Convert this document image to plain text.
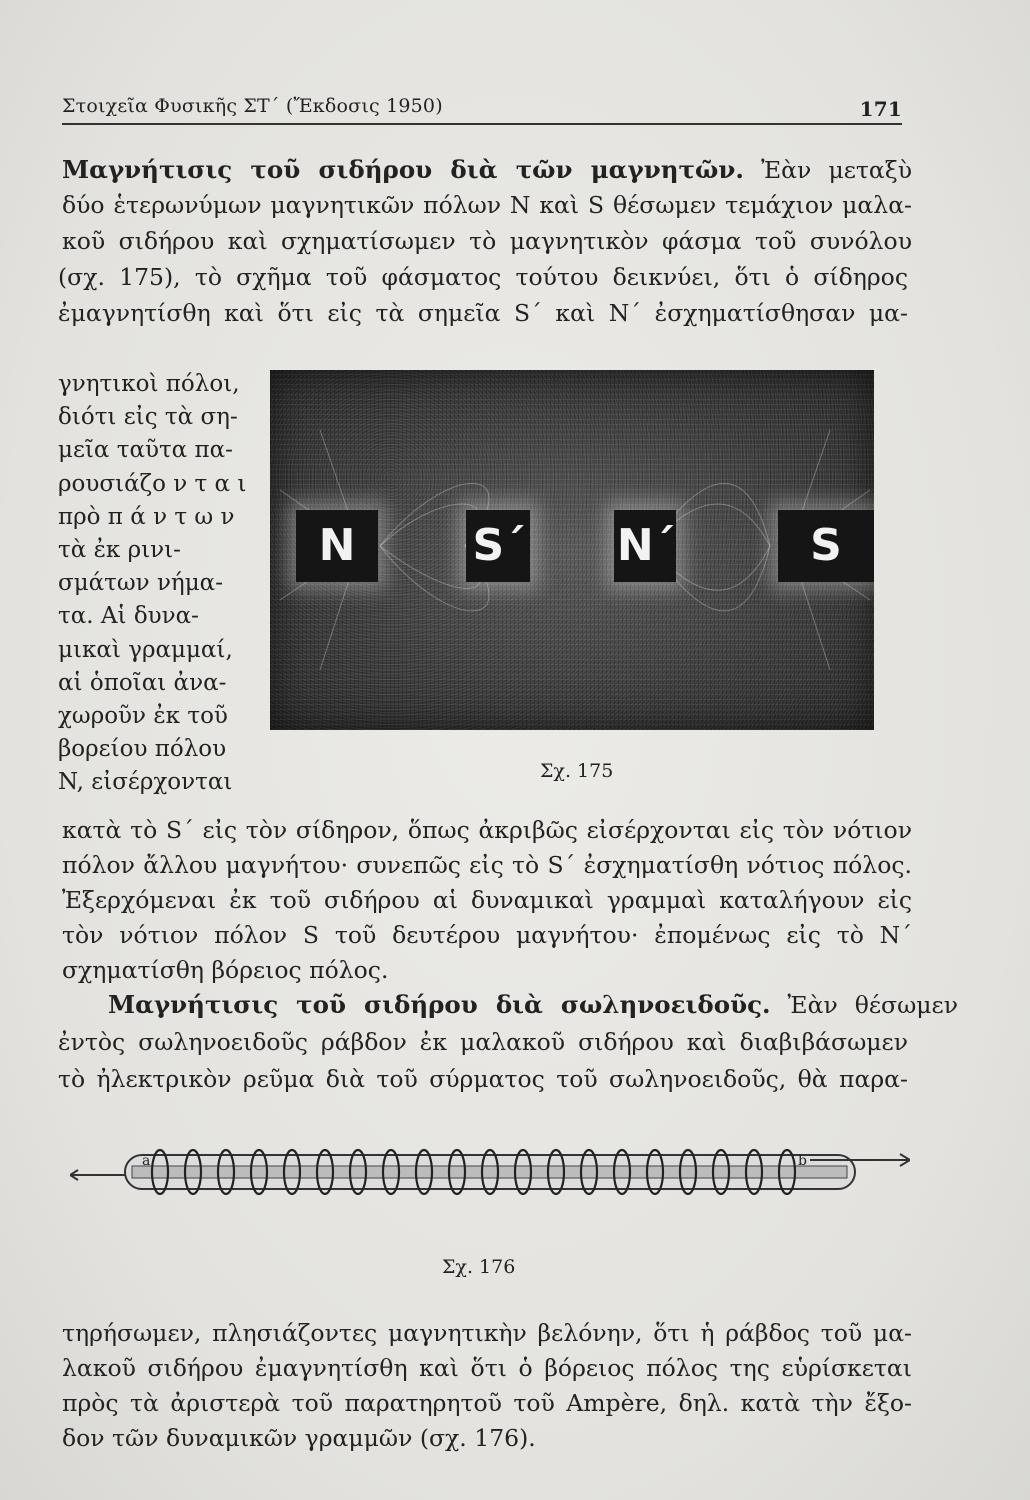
Στοιχεῖα Φυσικῆς ΣΤ΄ (Ἔκδοσις 1950)	171
Μαγνήτισις τοῦ σιδήρου διὰ τῶν μαγνητῶν. Ἐὰν μεταξὺ
δύο ἑτερωνύμων μαγνητικῶν πόλων N καὶ S θέσωμεν τεμάχιον μαλα-
κοῦ σιδήρου καὶ σχηματίσωμεν τὸ μαγνητικὸν φάσμα τοῦ συνόλου
(σχ. 175), τὸ σχῆμα τοῦ φάσματος τούτου δεικνύει, ὅτι ὁ σίδηρος
ἐμαγνητίσθη καὶ ὅτι εἰς τὰ σημεῖα S΄ καὶ N΄ ἐσχηματίσθησαν μα-
γνητικοὶ πόλοι,
διότι εἰς τὰ ση-
μεῖα ταῦτα πα-
ρουσιάζο ν τ α ι
πρὸ π ά ν τ ω ν
τὰ ἐκ ρινι-
σμάτων νήμα-
τα. Αἱ δυνα-
μικαὶ γραμμαί,
αἱ ὁποῖαι ἀνα-
χωροῦν ἐκ τοῦ
βορείου πόλου
N, εἰσέρχονται
N	S΄ N΄	S
Σχ. 175
κατὰ τὸ S΄ εἰς τὸν σίδηρον, ὅπως ἀκριβῶς εἰσέρχονται εἰς τὸν νότιον
πόλον ἄλλου μαγνήτου· συνεπῶς εἰς τὸ S΄ ἐσχηματίσθη νότιος πόλος.
Ἐξερχόμεναι ἐκ τοῦ σιδήρου αἱ δυναμικαὶ γραμμαὶ καταλήγουν εἰς
τὸν νότιον πόλον S τοῦ δευτέρου μαγνήτου· ἐπομένως εἰς τὸ N΄
σχηματίσθη βόρειος πόλος.
Μαγνήτισις τοῦ σιδήρου διὰ σωληνοειδοῦς. Ἐὰν θέσωμεν
ἐντὸς σωληνοειδοῦς ράβδον ἐκ μαλακοῦ σιδήρου καὶ διαβιβάσωμεν
τὸ ἠλεκτρικὸν ρεῦμα διὰ τοῦ σύρματος τοῦ σωληνοειδοῦς, θὰ παρα-
a	b
Σχ. 176
τηρήσωμεν, πλησιάζοντες μαγνητικὴν βελόνην, ὅτι ἡ ράβδος τοῦ μα-
λακοῦ σιδήρου ἐμαγνητίσθη καὶ ὅτι ὁ βόρειος πόλος της εὑρίσκεται
πρὸς τὰ ἀριστερὰ τοῦ παρατηρητοῦ τοῦ Ampère, δηλ. κατὰ τὴν ἔξο-
δον τῶν δυναμικῶν γραμμῶν (σχ. 176).
